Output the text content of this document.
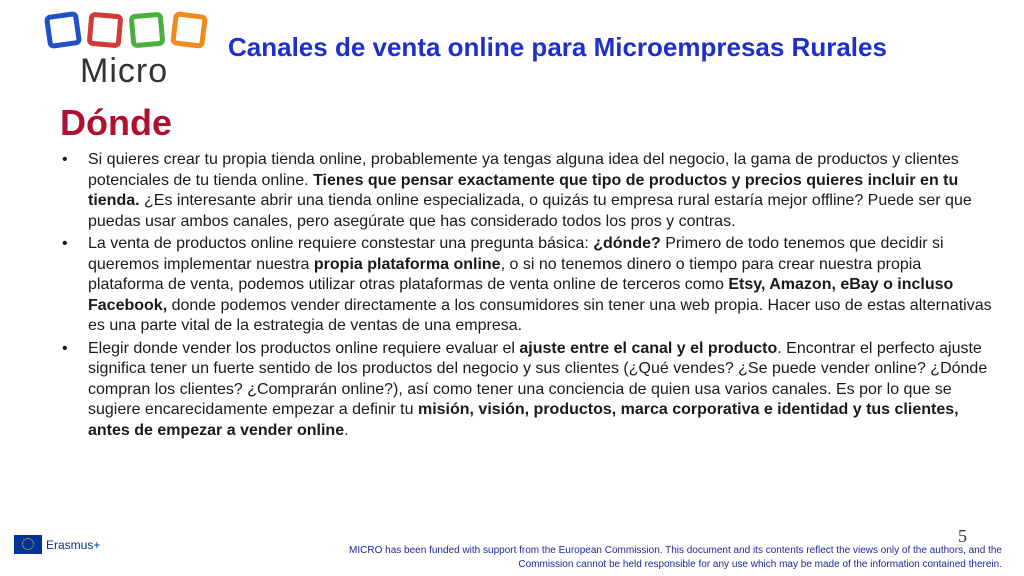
Micro
Canales de venta online para Microempresas Rurales
Dónde
• Si quieres crear tu propia tienda online, probablemente ya tengas alguna idea del negocio, la gama de productos y clientes potenciales de tu tienda online. Tienes que pensar exactamente que tipo de productos y precios quieres incluir en tu tienda. ¿Es interesante abrir una tienda online especializada, o quizás tu empresa rural estaría mejor offline? Puede ser que puedas usar ambos canales, pero asegúrate que has considerado todos los pros y contras.
• La venta de productos online requiere constestar una pregunta básica: ¿dónde? Primero de todo tenemos que decidir si queremos implementar nuestra propia plataforma online, o si no tenemos dinero o tiempo para crear nuestra propia plataforma de venta, podemos utilizar otras plataformas de venta online de terceros como Etsy, Amazon, eBay o incluso Facebook, donde podemos vender directamente a los consumidores sin tener una web propia. Hacer uso de estas alternativas es una parte vital de la estrategia de ventas de una empresa.
• Elegir donde vender los productos online requiere evaluar el ajuste entre el canal y el producto. Encontrar el perfecto ajuste significa tener un fuerte sentido de los productos del negocio y sus clientes (¿Qué vendes? ¿Se puede vender online? ¿Dónde compran los clientes? ¿Comprarán online?), así como tener una conciencia de quien usa varios canales. Es por lo que se sugiere encarecidamente empezar a definir tu misión, visión, productos, marca corporativa e identidad y tus clientes, antes de empezar a vender online.
5
Erasmus+	MICRO has been funded with support from the European Commission. This document and its contents reflect the views only of the authors, and the Commission cannot be held responsible for any use which may be made of the information contained therein.
